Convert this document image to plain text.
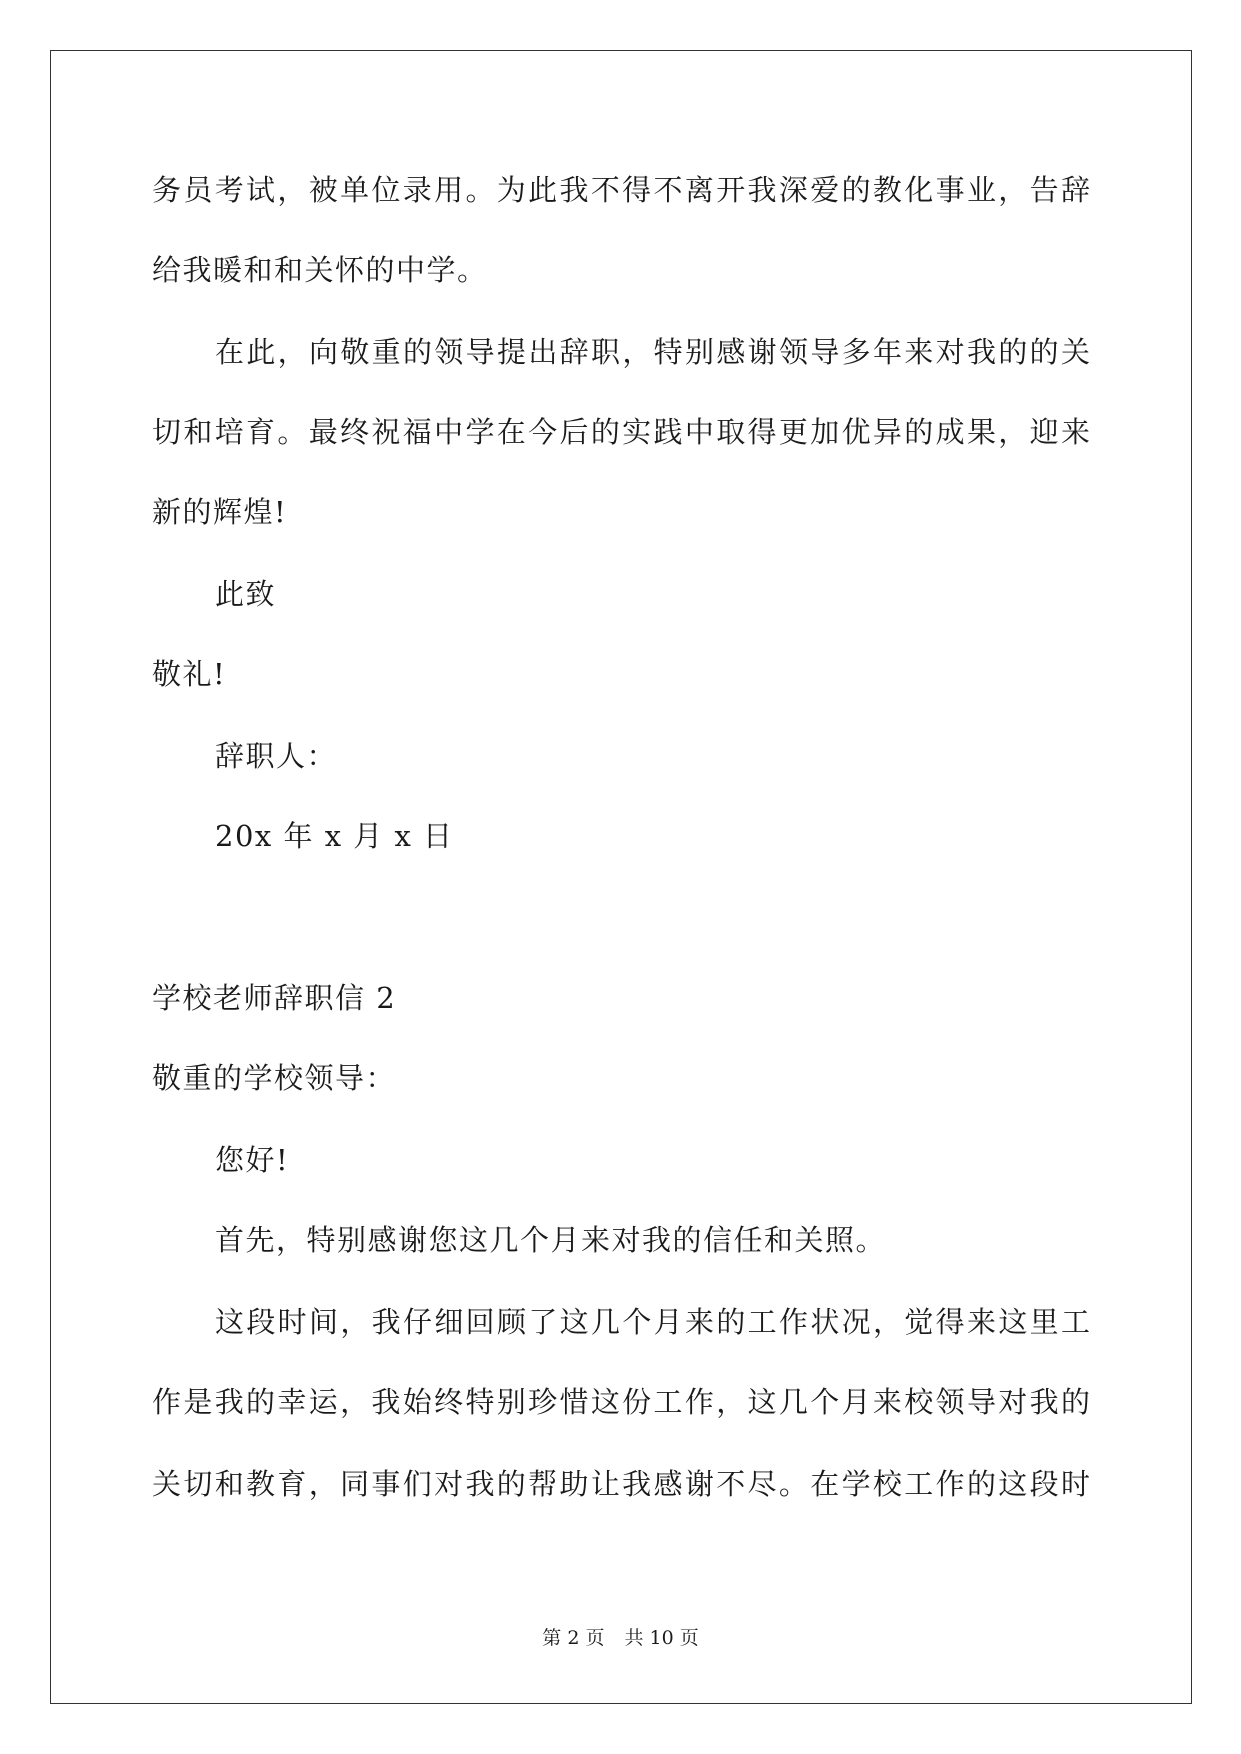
务员考试，被单位录用。为此我不得不离开我深爱的教化事业，告辞
给我暖和和关怀的中学。
在此，向敬重的领导提出辞职，特别感谢领导多年来对我的的关
切和培育。最终祝福中学在今后的实践中取得更加优异的成果，迎来
新的辉煌!
此致
敬礼!
辞职人：
20x 年 x 月 x 日
学校老师辞职信 2
敬重的学校领导：
您好!
首先，特别感谢您这几个月来对我的信任和关照。
这段时间，我仔细回顾了这几个月来的工作状况，觉得来这里工
作是我的幸运，我始终特别珍惜这份工作，这几个月来校领导对我的
关切和教育，同事们对我的帮助让我感谢不尽。在学校工作的这段时
第 2 页 共 10 页
